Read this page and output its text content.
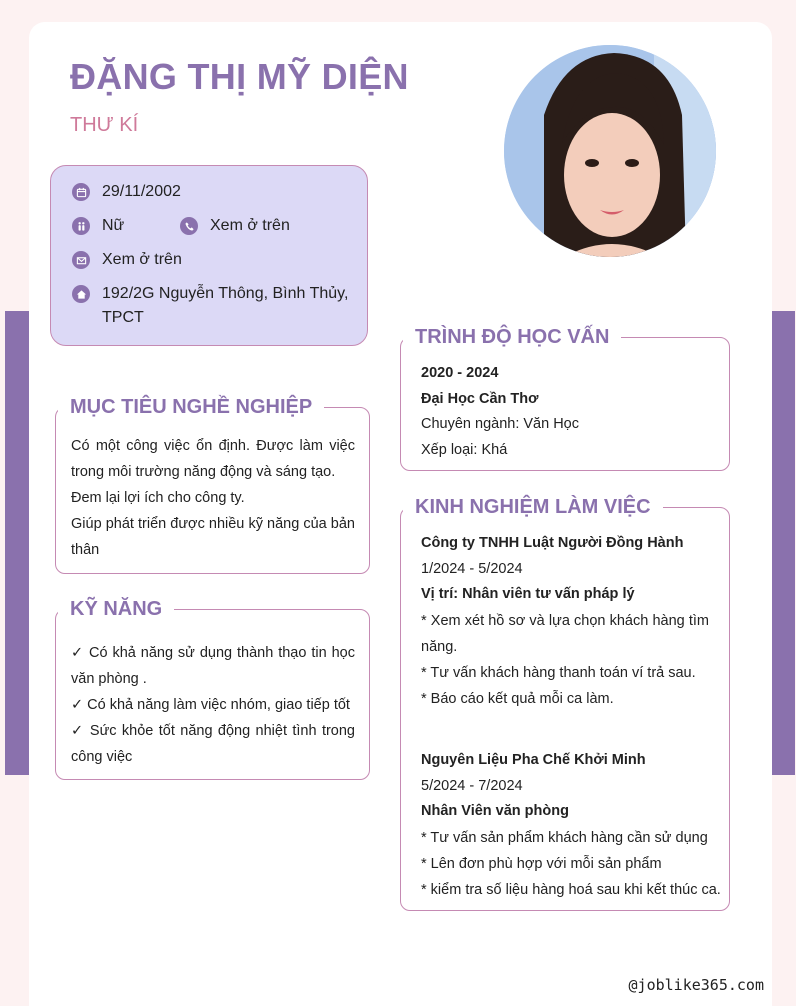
ĐẶNG THỊ MỸ DIỆN
THƯ KÍ
29/11/2002
Nữ	Xem ở trên
Xem ở trên
192/2G Nguyễn Thông, Bình Thủy, TPCT
MỤC TIÊU NGHỀ NGHIỆP
Có một công việc ổn định. Được làm việc trong môi trường năng động và sáng tạo.
Đem lại lợi ích cho công ty.
Giúp phát triển được nhiều kỹ năng của bản thân
KỸ NĂNG
✓ Có khả năng sử dụng thành thạo tin học văn phòng .
✓ Có khả năng làm việc nhóm, giao tiếp tốt
✓ Sức khỏe tốt năng động nhiệt tình trong công việc
TRÌNH ĐỘ HỌC VẤN
2020 - 2024
Đại Học Cần Thơ
Chuyên ngành: Văn Học
Xếp loại: Khá
KINH NGHIỆM LÀM VIỆC
Công ty TNHH Luật Người Đồng Hành
1/2024 - 5/2024
Vị trí: Nhân viên tư vấn pháp lý
* Xem xét hồ sơ và lựa chọn khách hàng tìm năng.
* Tư vấn khách hàng thanh toán ví trả sau.
* Báo cáo kết quả mỗi ca làm.
Nguyên Liệu Pha Chế Khởi Minh
5/2024 - 7/2024
Nhân Viên văn phòng
* Tư vấn sản phẩm khách hàng cần sử dụng
* Lên đơn phù hợp với mỗi sản phẩm
* kiểm tra số liệu hàng hoá sau khi kết thúc ca.
@joblike365.com
